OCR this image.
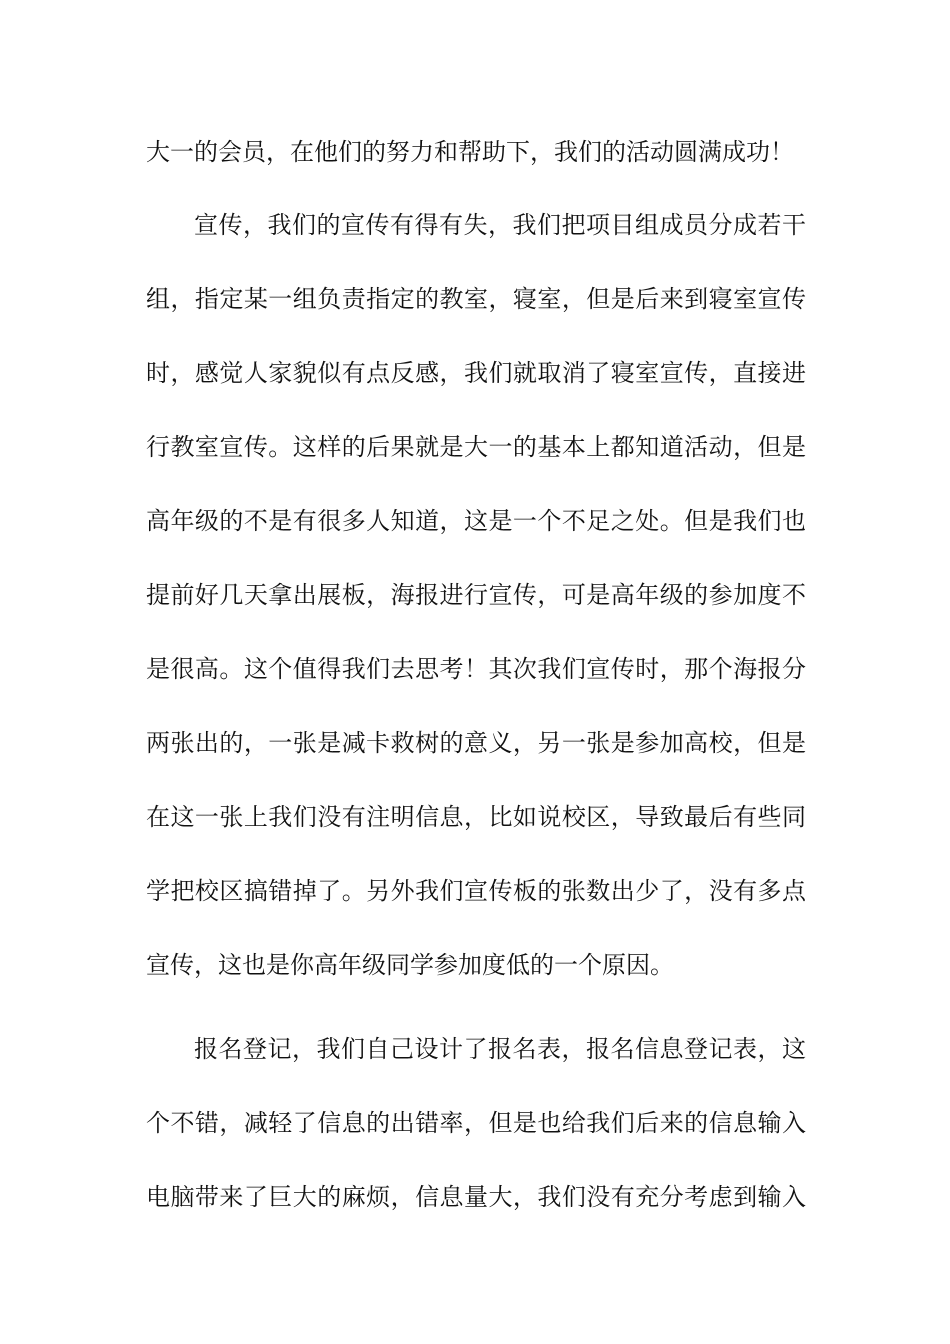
大一的会员，在他们的努力和帮助下，我们的活动圆满成功！
宣传，我们的宣传有得有失，我们把项目组成员分成若干
组，指定某一组负责指定的教室，寝室，但是后来到寝室宣传
时，感觉人家貌似有点反感，我们就取消了寝室宣传，直接进
行教室宣传。这样的后果就是大一的基本上都知道活动，但是
高年级的不是有很多人知道，这是一个不足之处。但是我们也
提前好几天拿出展板，海报进行宣传，可是高年级的参加度不
是很高。这个值得我们去思考！其次我们宣传时，那个海报分
两张出的，一张是减卡救树的意义，另一张是参加高校，但是
在这一张上我们没有注明信息，比如说校区，导致最后有些同
学把校区搞错掉了。另外我们宣传板的张数出少了，没有多点
宣传，这也是你高年级同学参加度低的一个原因。
报名登记，我们自己设计了报名表，报名信息登记表，这
个不错，减轻了信息的出错率，但是也给我们后来的信息输入
电脑带来了巨大的麻烦，信息量大，我们没有充分考虑到输入
